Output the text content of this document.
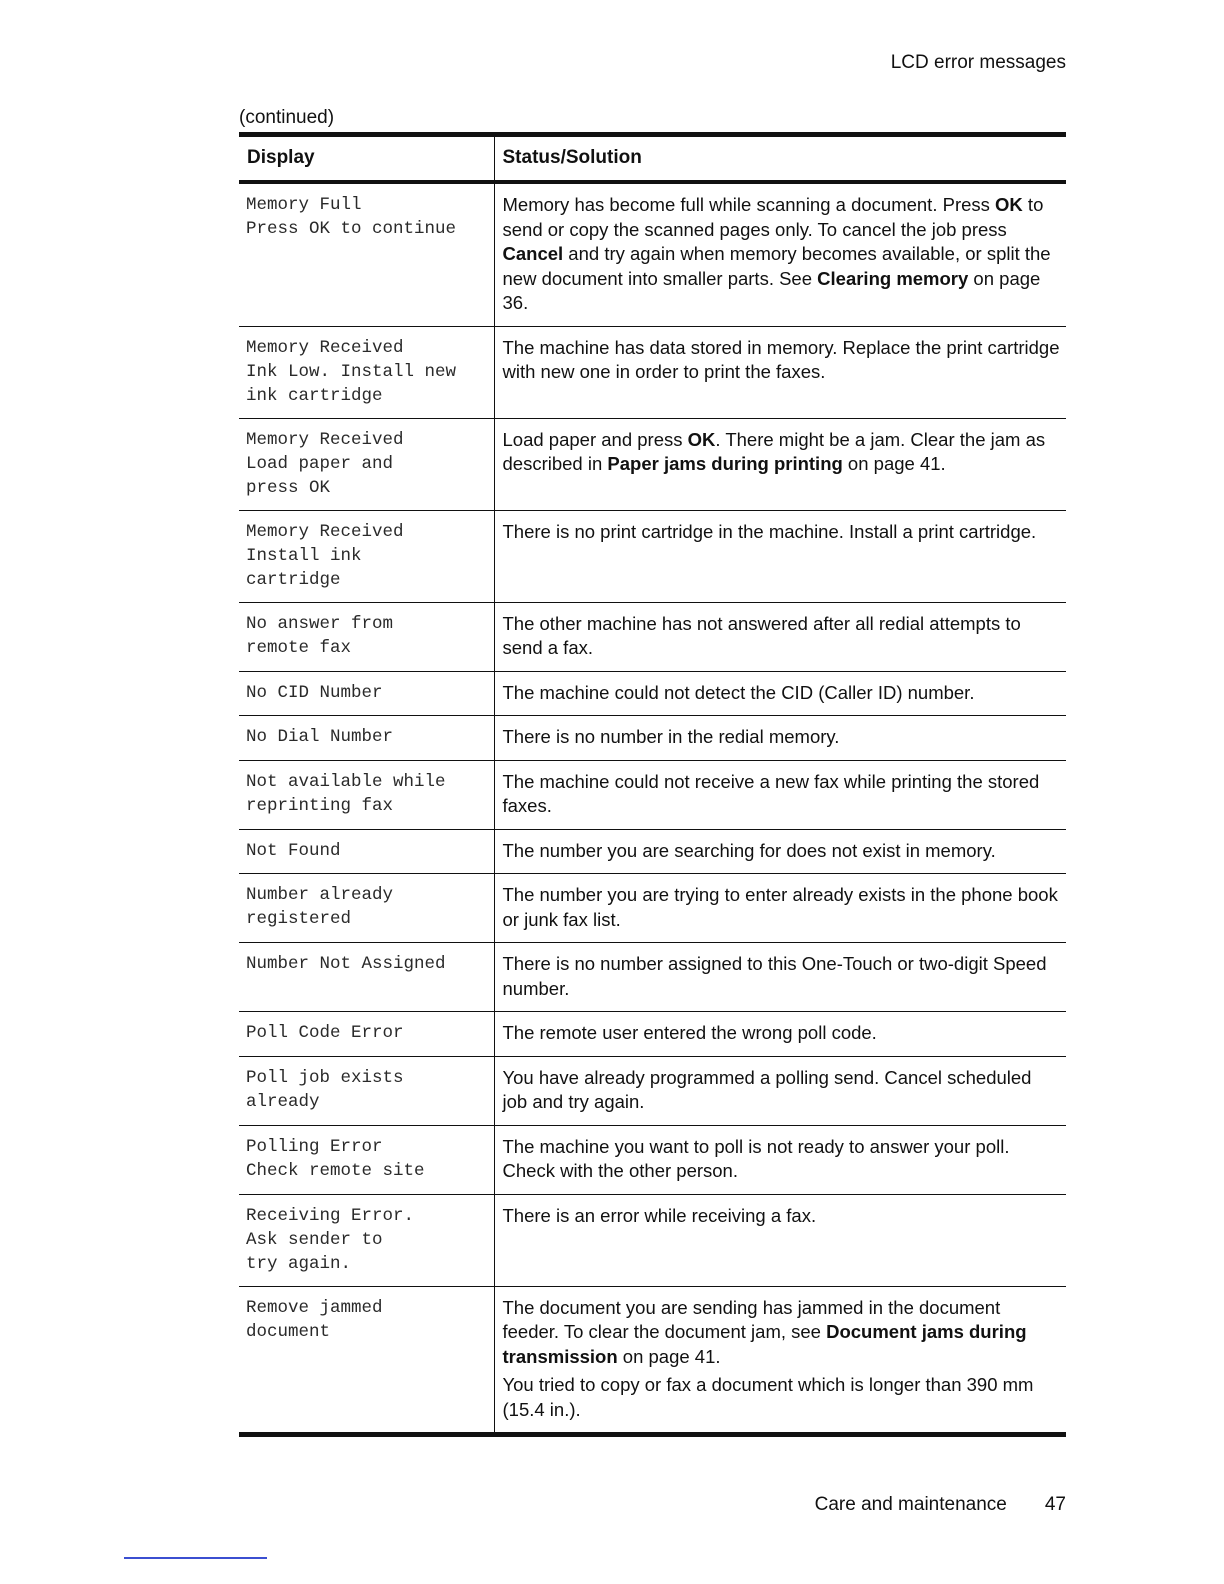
LCD error messages
(continued)
Display	Status/Solution

Memory Full
Press OK to continue	Memory has become full while scanning a document. Press OK to send or copy the scanned pages only. To cancel the job press Cancel and try again when memory becomes available, or split the new document into smaller parts. See Clearing memory on page 36.

Memory Received
Ink Low. Install new
ink cartridge	The machine has data stored in memory. Replace the print cartridge with new one in order to print the faxes.

Memory Received
Load paper and
press OK	Load paper and press OK. There might be a jam. Clear the jam as described in Paper jams during printing on page 41.

Memory Received
Install ink
cartridge	There is no print cartridge in the machine. Install a print cartridge.

No answer from
remote fax	The other machine has not answered after all redial attempts to send a fax.

No CID Number	The machine could not detect the CID (Caller ID) number.

No Dial Number	There is no number in the redial memory.

Not available while
reprinting fax	The machine could not receive a new fax while printing the stored faxes.

Not Found	The number you are searching for does not exist in memory.

Number already
registered	The number you are trying to enter already exists in the phone book or junk fax list.

Number Not Assigned	There is no number assigned to this One-Touch or two-digit Speed number.

Poll Code Error	The remote user entered the wrong poll code.

Poll job exists
already	You have already programmed a polling send. Cancel scheduled job and try again.

Polling Error
Check remote site	The machine you want to poll is not ready to answer your poll. Check with the other person.

Receiving Error.
Ask sender to
try again.	There is an error while receiving a fax.

Remove jammed
document	The document you are sending has jammed in the document feeder. To clear the document jam, see Document jams during transmission on page 41.
You tried to copy or fax a document which is longer than 390 mm (15.4 in.).
Care and maintenance 47
